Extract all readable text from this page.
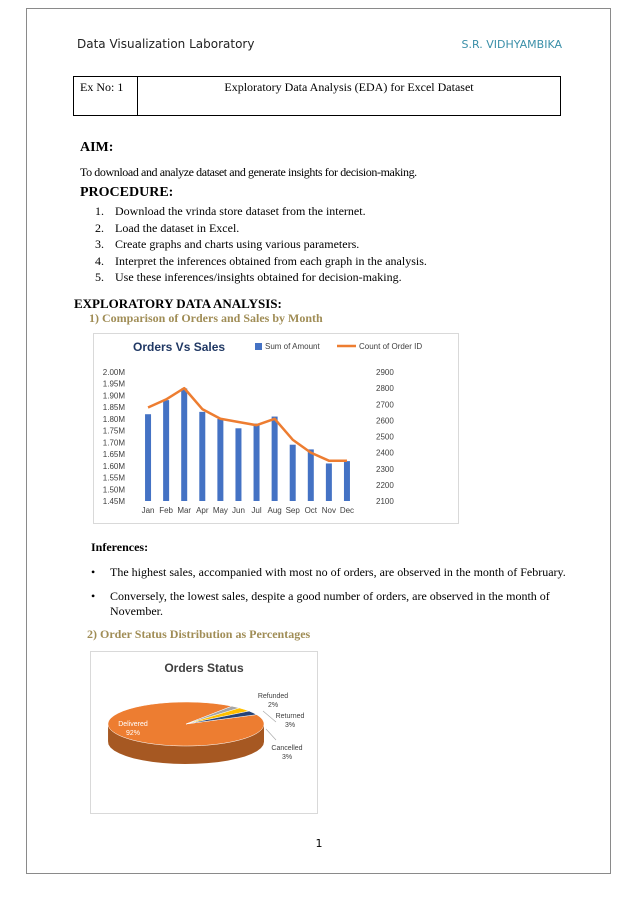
Data Visualization Laboratory	S.R. VIDHYAMBIKA
Ex No: 1	Exploratory Data Analysis (EDA) for Excel Dataset
AIM:
To download and analyze dataset and generate insights for decision-making.
PROCEDURE:
1. Download the vrinda store dataset from the internet.
2. Load the dataset in Excel.
3. Create graphs and charts using various parameters.
4. Interpret the inferences obtained from each graph in the analysis.
5. Use these inferences/insights obtained for decision-making.
EXPLORATORY DATA ANALYSIS:
1) Comparison of Orders and Sales by Month
Orders Vs Sales	Sum of Amount	Count of Order ID
1.45M
1.50M
1.55M
1.60M
1.65M
1.70M
1.75M
1.80M
1.85M
1.90M
1.95M
2.00M
2100
2200
2300
2400
2500
2600
2700
2800
2900
Jan Feb Mar Apr May Jun Jul Aug Sep Oct Nov Dec
Inferences:
•	The highest sales, accompanied with most no of orders, are observed in the month of February.
•	Conversely, the lowest sales, despite a good number of orders, are observed in the month of November.
2) Order Status Distribution as Percentages
Orders Status
Delivered
92%
Refunded
2%
Returned
3%
Cancelled
3%
1
